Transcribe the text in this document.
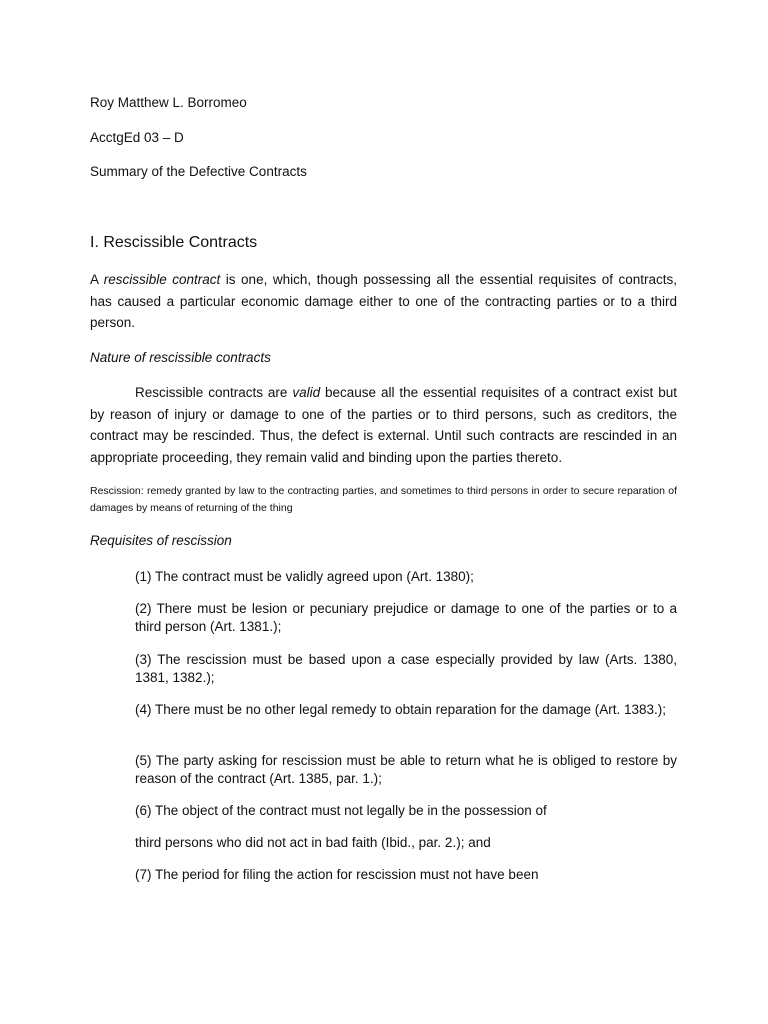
Roy Matthew L. Borromeo

AcctgEd 03 – D

Summary of the Defective Contracts

I. Rescissible Contracts

A rescissible contract is one, which, though possessing all the essential requisites of contracts, has caused a particular economic damage either to one of the contracting parties or to a third person.

Nature of rescissible contracts

Rescissible contracts are valid because all the essential requisites of a contract exist but by reason of injury or damage to one of the parties or to third persons, such as creditors, the contract may be rescinded. Thus, the defect is external. Until such contracts are rescinded in an appropriate proceeding, they remain valid and binding upon the parties thereto.

Rescission: remedy granted by law to the contracting parties, and sometimes to third persons in order to secure reparation of damages by means of returning of the thing

Requisites of rescission

(1) The contract must be validly agreed upon (Art. 1380);

(2) There must be lesion or pecuniary prejudice or damage to one of the parties or to a third person (Art. 1381.);

(3) The rescission must be based upon a case especially provided by law (Arts. 1380, 1381, 1382.);

(4) There must be no other legal remedy to obtain reparation for the damage (Art. 1383.);

(5) The party asking for rescission must be able to return what he is obliged to restore by reason of the contract (Art. 1385, par. 1.);

(6) The object of the contract must not legally be in the possession of

third persons who did not act in bad faith (Ibid., par. 2.); and

(7) The period for filing the action for rescission must not have been
